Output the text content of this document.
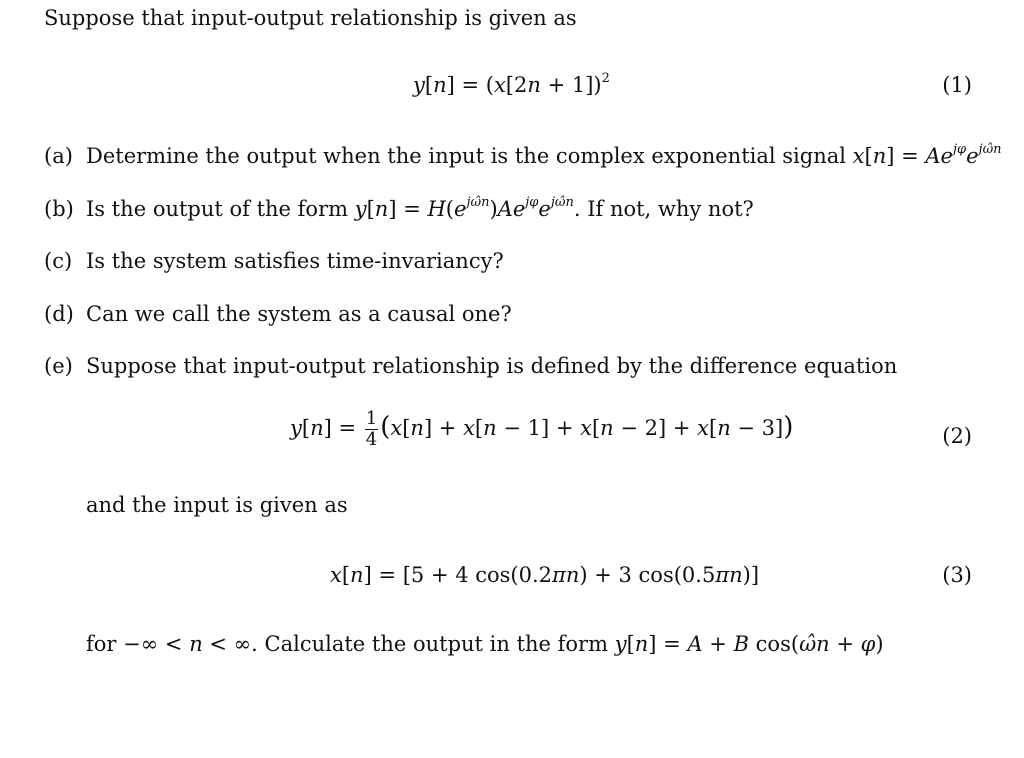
Suppose that input-output relationship is given as
$y[n] = (x[2n + 1])^2$	(1)
(a) Determine the output when the input is the complex exponential signal $x[n] = Ae^{j\varphi}e^{j\omegân}$
(b) Is the output of the form $y[n] = H(e^{j\omegân})Ae^{j\varphi}e^{j\omegân}$. If not, why not?
(c) Is the system satisfies time-invariancy?
(d) Can we call the system as a causal one?
(e) Suppose that input-output relationship is defined by the difference equation
$y[n] = \frac{1}{4} (x[n] + x[n - 1] + x[n - 2] + x[n - 3])$	(2)
and the input is given as
x[n] = [5 + 4 cos(0.2πn) + 3 cos(0.5πn)]	(3)
for −∞ < n < ∞. Calculate the output in the form y[n] = A + B cos(ω̂n + φ)
